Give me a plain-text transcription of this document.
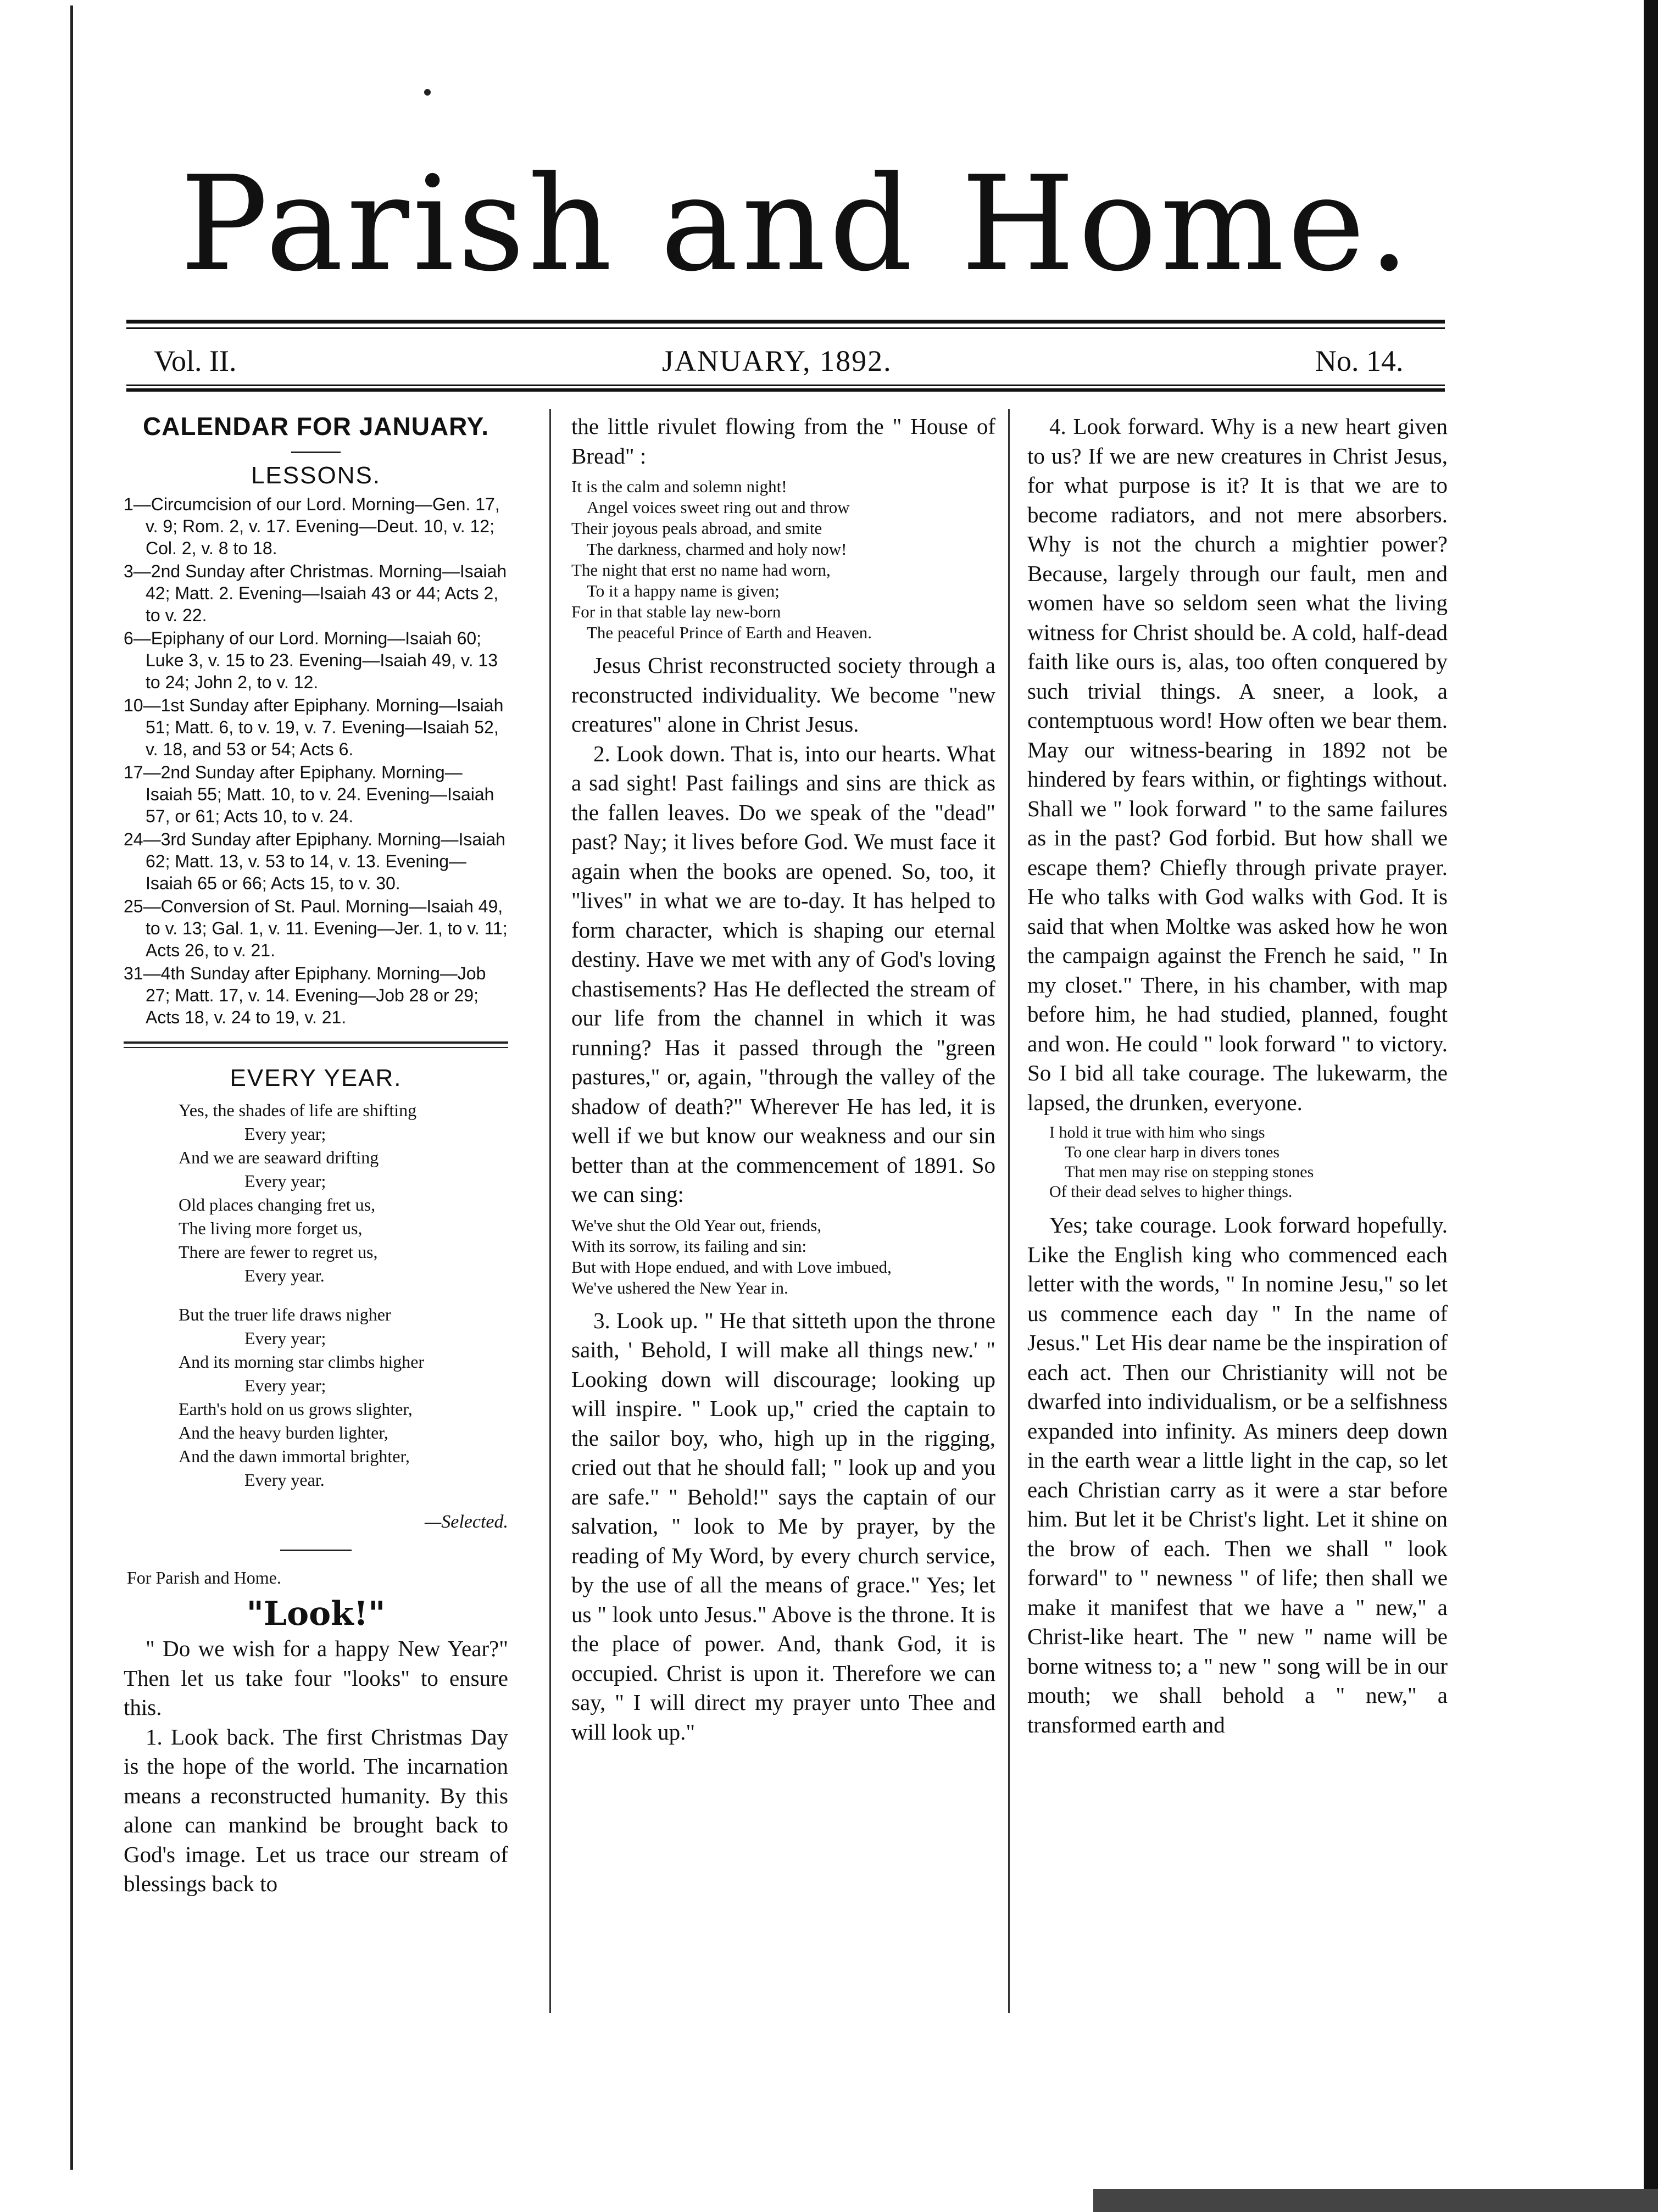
Parish and Home.
Vol. II.	JANUARY, 1892.	No. 14.
CALENDAR FOR JANUARY.
LESSONS.
1—Circumcision of our Lord. Morning—Gen. 17, v. 9; Rom. 2, v. 17. Evening—Deut. 10, v. 12; Col. 2, v. 8 to 18.
3—2nd Sunday after Christmas. Morning—Isaiah 42; Matt. 2. Evening—Isaiah 43 or 44; Acts 2, to v. 22.
6—Epiphany of our Lord. Morning—Isaiah 60; Luke 3, v. 15 to 23. Evening—Isaiah 49, v. 13 to 24; John 2, to v. 12.
10—1st Sunday after Epiphany. Morning—Isaiah 51; Matt. 6, to v. 19, v. 7. Evening—Isaiah 52, v. 18, and 53 or 54; Acts 6.
17—2nd Sunday after Epiphany. Morning—Isaiah 55; Matt. 10, to v. 24. Evening—Isaiah 57, or 61; Acts 10, to v. 24.
24—3rd Sunday after Epiphany. Morning—Isaiah 62; Matt. 13, v. 53 to 14, v. 13. Evening—Isaiah 65 or 66; Acts 15, to v. 30.
25—Conversion of St. Paul. Morning—Isaiah 49, to v. 13; Gal. 1, v. 11. Evening—Jer. 1, to v. 11; Acts 26, to v. 21.
31—4th Sunday after Epiphany. Morning—Job 27; Matt. 17, v. 14. Evening—Job 28 or 29; Acts 18, v. 24 to 19, v. 21.
EVERY YEAR.
Yes, the shades of life are shifting
Every year;
And we are seaward drifting
Every year;
Old places changing fret us,
The living more forget us,
There are fewer to regret us,
Every year.
But the truer life draws nigher
Every year;
And its morning star climbs higher
Every year;
Earth's hold on us grows slighter,
And the heavy burden lighter,
And the dawn immortal brighter,
Every year.
—Selected.
For Parish and Home.
"Look!"

" Do we wish for a happy New Year?" Then let us take four "looks" to ensure this.

1. Look back. The first Christmas Day is the hope of the world. The incarnation means a reconstructed humanity. By this alone can mankind be brought back to God's image. Let us trace our stream of blessings back to

the little rivulet flowing from the " House of Bread" :

It is the calm and solemn night!
Angel voices sweet ring out and throw
Their joyous peals abroad, and smite
The darkness, charmed and holy now!
The night that erst no name had worn,
To it a happy name is given;
For in that stable lay new-born
The peaceful Prince of Earth and Heaven.

Jesus Christ reconstructed society through a reconstructed individuality. We become "new creatures" alone in Christ Jesus.

2. Look down. That is, into our hearts. What a sad sight! Past failings and sins are thick as the fallen leaves. Do we speak of the "dead" past? Nay; it lives before God. We must face it again when the books are opened. So, too, it "lives" in what we are to-day. It has helped to form character, which is shaping our eternal destiny. Have we met with any of God's loving chastisements? Has He deflected the stream of our life from the channel in which it was running? Has it passed through the "green pastures," or, again, "through the valley of the shadow of death?" Wherever He has led, it is well if we but know our weakness and our sin better than at the commencement of 1891. So we can sing:

We've shut the Old Year out, friends,
With its sorrow, its failing and sin:
But with Hope endued, and with Love imbued,
We've ushered the New Year in.

3. Look up. " He that sitteth upon the throne saith, ' Behold, I will make all things new.' " Looking down will discourage; looking up will inspire. " Look up," cried the captain to the sailor boy, who, high up in the rigging, cried out that he should fall; " look up and you are safe." " Behold!" says the captain of our salvation, " look to Me by prayer, by the reading of My Word, by every church service, by the use of all the means of grace." Yes; let us " look unto Jesus." Above is the throne. It is the place of power. And, thank God, it is occupied. Christ is upon it. Therefore we can say, " I will direct my prayer unto Thee and will look up."

4. Look forward. Why is a new heart given to us? If we are new creatures in Christ Jesus, for what purpose is it? It is that we are to become radiators, and not mere absorbers. Why is not the church a mightier power? Because, largely through our fault, men and women have so seldom seen what the living witness for Christ should be. A cold, half-dead faith like ours is, alas, too often conquered by such trivial things. A sneer, a look, a contemptuous word! How often we bear them. May our witness-bearing in 1892 not be hindered by fears within, or fightings without. Shall we " look forward " to the same failures as in the past? God forbid. But how shall we escape them? Chiefly through private prayer. He who talks with God walks with God. It is said that when Moltke was asked how he won the campaign against the French he said, " In my closet." There, in his chamber, with map before him, he had studied, planned, fought and won. He could " look forward " to victory. So I bid all take courage. The lukewarm, the lapsed, the drunken, everyone.

I hold it true with him who sings
To one clear harp in divers tones
That men may rise on stepping stones
Of their dead selves to higher things.

Yes; take courage. Look forward hopefully. Like the English king who commenced each letter with the words, " In nomine Jesu," so let us commence each day " In the name of Jesus." Let His dear name be the inspiration of each act. Then our Christianity will not be dwarfed into individualism, or be a selfishness expanded into infinity. As miners deep down in the earth wear a little light in the cap, so let each Christian carry as it were a star before him. But let it be Christ's light. Let it shine on the brow of each. Then we shall " look forward" to " newness " of life; then shall we make it manifest that we have a " new," a Christ-like heart. The " new " name will be borne witness to; a " new " song will be in our mouth; we shall behold a " new," a transformed earth and
